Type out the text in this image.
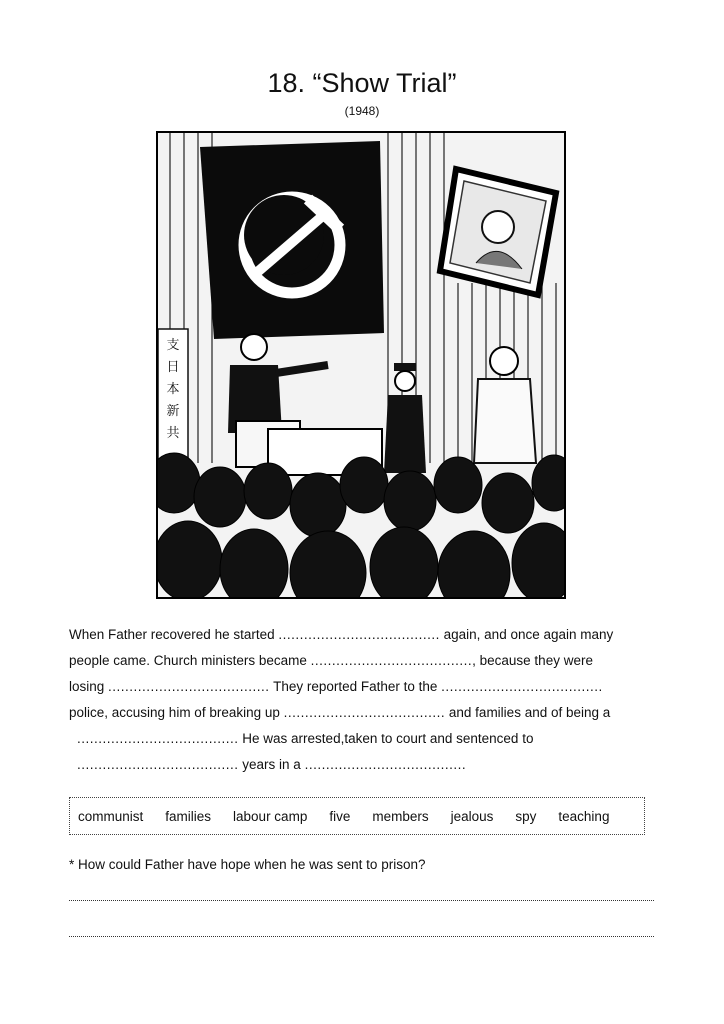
18. “Show Trial”
(1948)
支
日
本
新
共
When Father recovered he started ...................................... again, and once again many
people came. Church ministers became ......................................, because they were
losing ...................................... They reported Father to the ......................................
police, accusing him of breaking up ...................................... and families and of being a
...................................... He was arrested,taken to court and sentenced to
...................................... years in a ......................................
communist families labour camp five members jealous spy teaching
* How could Father have hope when he was sent to prison?
